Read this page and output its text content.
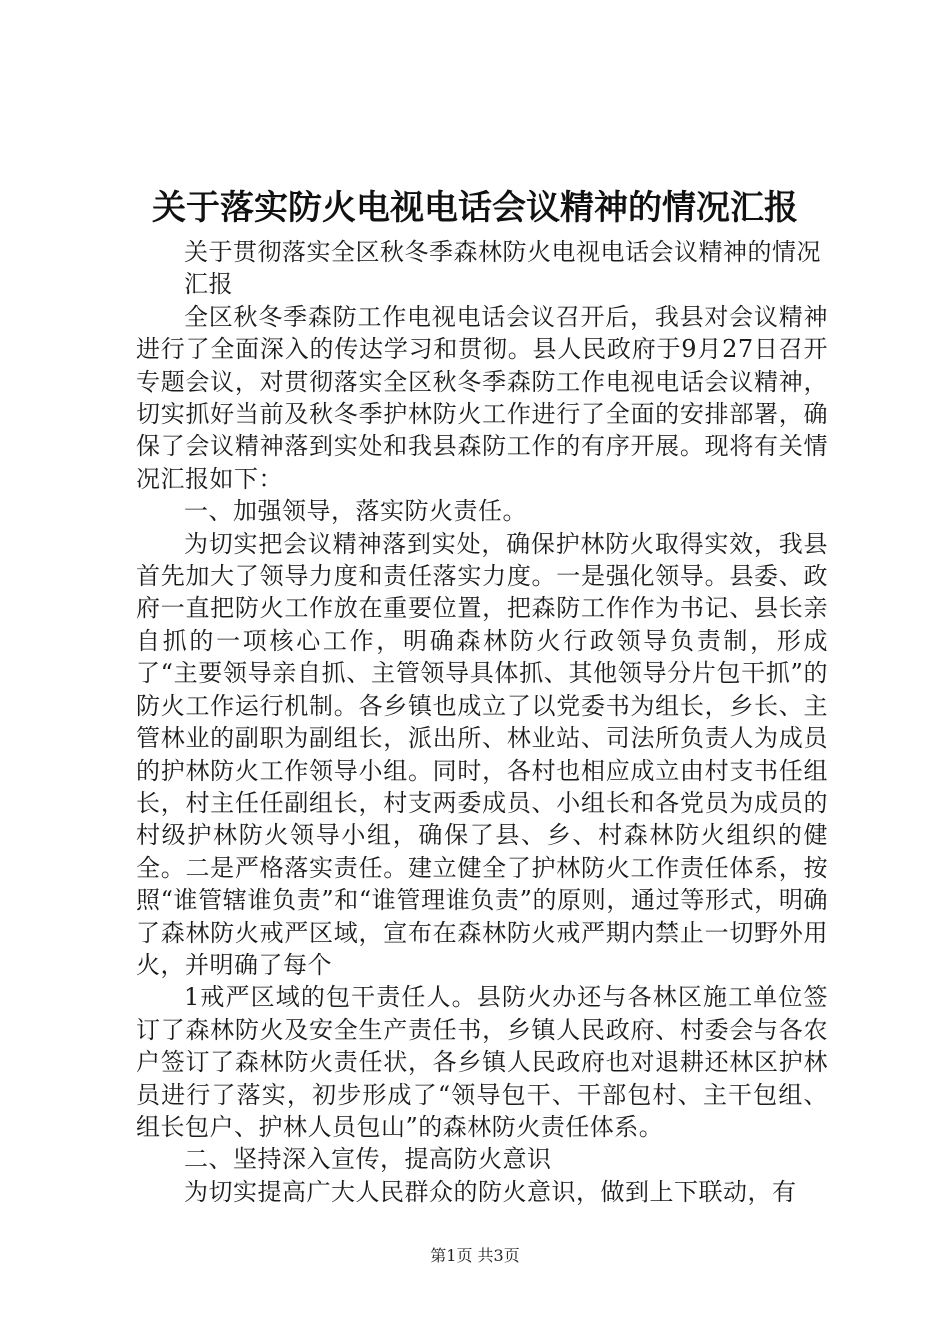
关于落实防火电视电话会议精神的情况汇报

关于贯彻落实全区秋冬季森林防火电视电话会议精神的情况

汇报

全区秋冬季森防工作电视电话会议召开后，我县对会议精神进行了全面深入的传达学习和贯彻。县人民政府于9月27日召开专题会议，对贯彻落实全区秋冬季森防工作电视电话会议精神，切实抓好当前及秋冬季护林防火工作进行了全面的安排部署，确保了会议精神落到实处和我县森防工作的有序开展。现将有关情况汇报如下：

一、加强领导，落实防火责任。

为切实把会议精神落到实处，确保护林防火取得实效，我县首先加大了领导力度和责任落实力度。一是强化领导。县委、政府一直把防火工作放在重要位置，把森防工作作为书记、县长亲自抓的一项核心工作，明确森林防火行政领导负责制，形成了“主要领导亲自抓、主管领导具体抓、其他领导分片包干抓”的防火工作运行机制。各乡镇也成立了以党委书为组长，乡长、主管林业的副职为副组长，派出所、林业站、司法所负责人为成员的护林防火工作领导小组。同时，各村也相应成立由村支书任组长，村主任任副组长，村支两委成员、小组长和各党员为成员的村级护林防火领导小组，确保了县、乡、村森林防火组织的健全。二是严格落实责任。建立健全了护林防火工作责任体系，按照“谁管辖谁负责”和“谁管理谁负责”的原则，通过等形式，明确了森林防火戒严区域，宣布在森林防火戒严期内禁止一切野外用火，并明确了每个

1戒严区域的包干责任人。县防火办还与各林区施工单位签订了森林防火及安全生产责任书，乡镇人民政府、村委会与各农户签订了森林防火责任状，各乡镇人民政府也对退耕还林区护林员进行了落实，初步形成了“领导包干、干部包村、主干包组、组长包户、护林人员包山”的森林防火责任体系。

二、坚持深入宣传，提高防火意识

为切实提高广大人民群众的防火意识，做到上下联动，有

第1页 共3页
